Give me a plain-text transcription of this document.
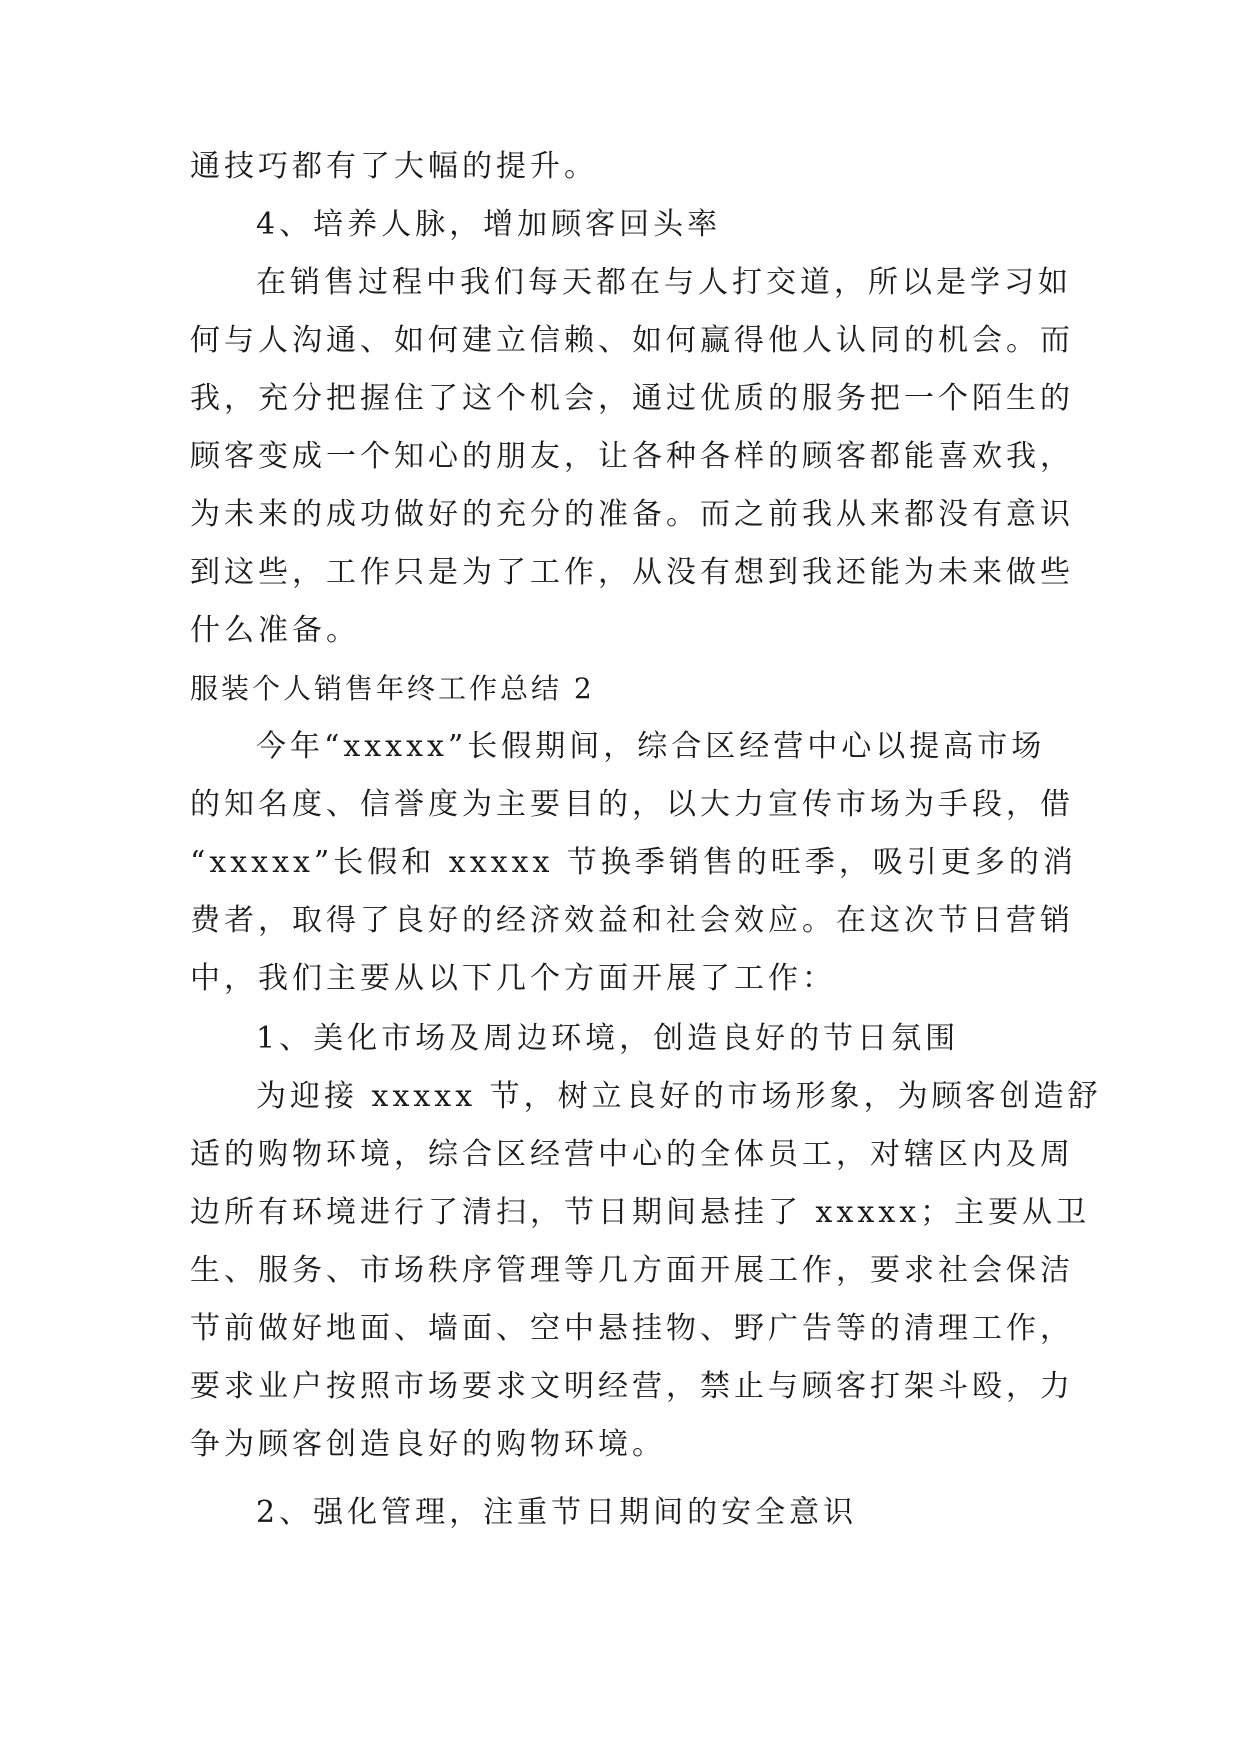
通技巧都有了大幅的提升。
4、培养人脉，增加顾客回头率
在销售过程中我们每天都在与人打交道，所以是学习如
何与人沟通、如何建立信赖、如何赢得他人认同的机会。而
我，充分把握住了这个机会，通过优质的服务把一个陌生的
顾客变成一个知心的朋友，让各种各样的顾客都能喜欢我，
为未来的成功做好的充分的准备。而之前我从来都没有意识
到这些，工作只是为了工作，从没有想到我还能为未来做些
什么准备。
服装个人销售年终工作总结 2
今年“xxxxx”长假期间，综合区经营中心以提高市场
的知名度、信誉度为主要目的，以大力宣传市场为手段，借
“xxxxx”长假和 xxxxx 节换季销售的旺季，吸引更多的消
费者，取得了良好的经济效益和社会效应。在这次节日营销
中，我们主要从以下几个方面开展了工作：
1、美化市场及周边环境，创造良好的节日氛围
为迎接 xxxxx 节，树立良好的市场形象，为顾客创造舒
适的购物环境，综合区经营中心的全体员工，对辖区内及周
边所有环境进行了清扫，节日期间悬挂了 xxxxx；主要从卫
生、服务、市场秩序管理等几方面开展工作，要求社会保洁
节前做好地面、墙面、空中悬挂物、野广告等的清理工作，
要求业户按照市场要求文明经营，禁止与顾客打架斗殴，力
争为顾客创造良好的购物环境。
2、强化管理，注重节日期间的安全意识
